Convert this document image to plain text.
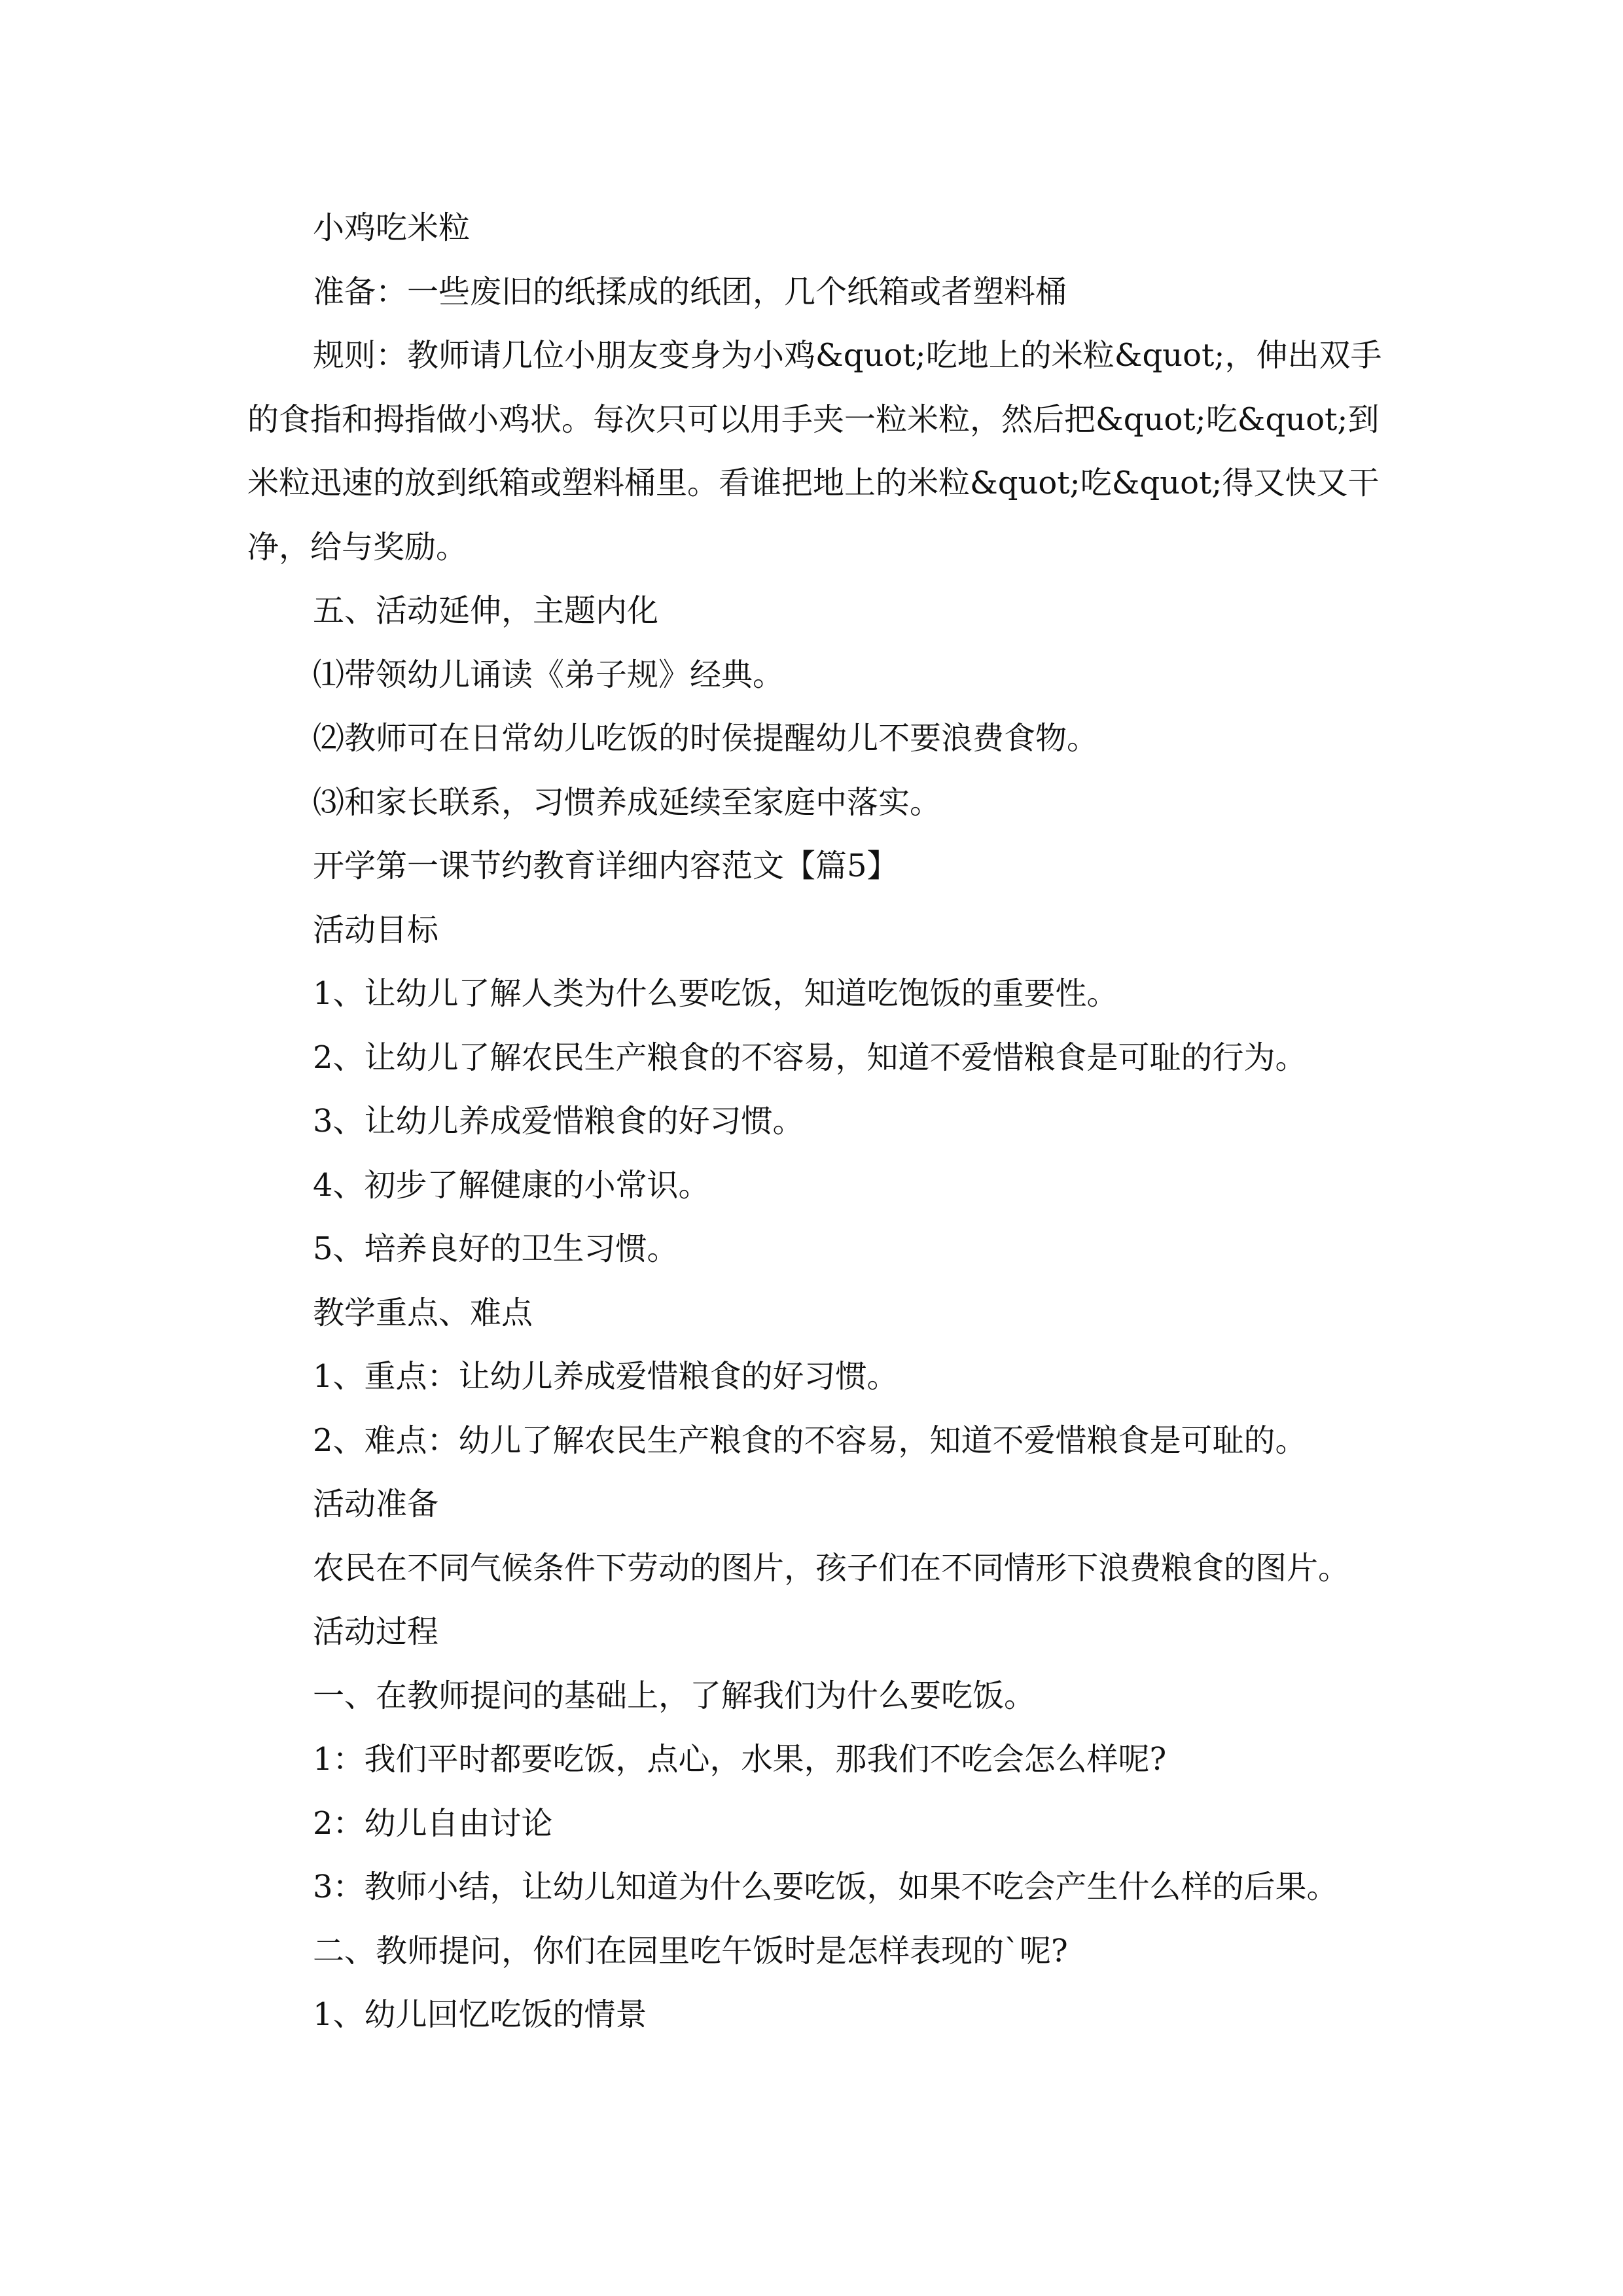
小鸡吃米粒

准备：一些废旧的纸揉成的纸团，几个纸箱或者塑料桶

规则：教师请几位小朋友变身为小鸡&quot;吃地上的米粒&quot;，伸出双手的食指和拇指做小鸡状。每次只可以用手夹一粒米粒，然后把&quot;吃&quot;到米粒迅速的放到纸箱或塑料桶里。看谁把地上的米粒&quot;吃&quot;得又快又干净，给与奖励。

五、活动延伸，主题内化

⑴带领幼儿诵读《弟子规》经典。

⑵教师可在日常幼儿吃饭的时侯提醒幼儿不要浪费食物。

⑶和家长联系，习惯养成延续至家庭中落实。

开学第一课节约教育详细内容范文【篇5】

活动目标

1、让幼儿了解人类为什么要吃饭，知道吃饱饭的重要性。

2、让幼儿了解农民生产粮食的不容易，知道不爱惜粮食是可耻的行为。

3、让幼儿养成爱惜粮食的好习惯。

4、初步了解健康的小常识。

5、培养良好的卫生习惯。

教学重点、难点

1、重点：让幼儿养成爱惜粮食的好习惯。

2、难点：幼儿了解农民生产粮食的不容易，知道不爱惜粮食是可耻的。

活动准备

农民在不同气候条件下劳动的图片，孩子们在不同情形下浪费粮食的图片。

活动过程

一、在教师提问的基础上，了解我们为什么要吃饭。

1：我们平时都要吃饭，点心，水果，那我们不吃会怎么样呢?

2：幼儿自由讨论

3：教师小结，让幼儿知道为什么要吃饭，如果不吃会产生什么样的后果。

二、教师提问，你们在园里吃午饭时是怎样表现的`呢?

1、幼儿回忆吃饭的情景
